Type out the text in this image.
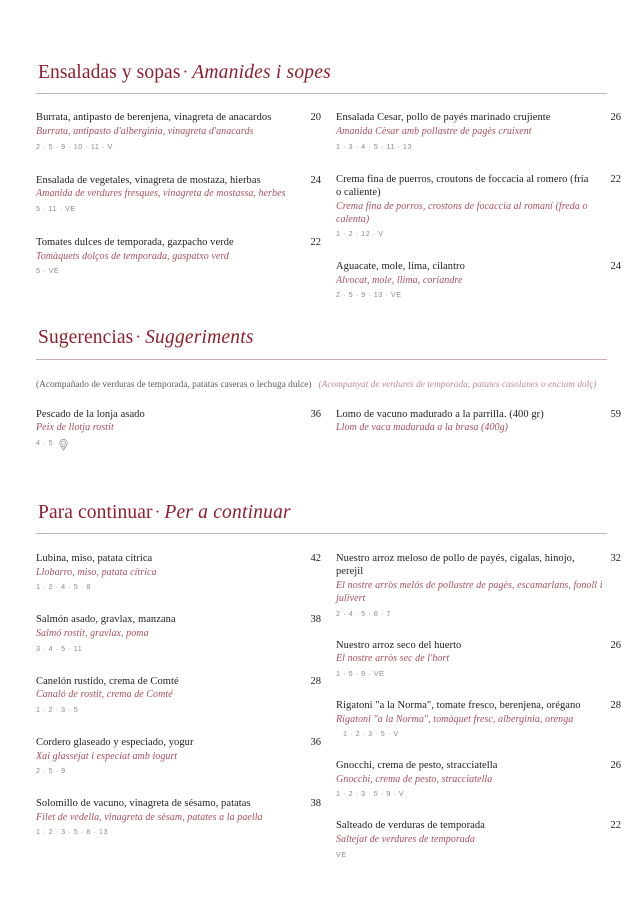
Ensaladas y sopas · Amanides i sopes
Burrata, antipasto de berenjena, vinagreta de anacardos	20
Burrata, antipasto d'alberginia, vinagreta d'anacards
2 · 5 · 9 · 10 · 11 · V
Ensalada de vegetales, vinagreta de mostaza, hierbas	24
Amanida de verdures fresques, vinagreta de mostassa, herbes
5 · 11 · VE
Tomates dulces de temporada, gazpacho verde	22
Tomàquets dolços de temporada, gaspatxo verd
5 · VE
Ensalada Cesar, pollo de payés marinado crujiente	26
Amanida Cèsar amb pollastre de pagès cruixent
1 · 3 · 4 · 5 · 11 · 13
Crema fina de puerros, croutons de foccacia al romero (fría o caliente)
22
Crema fina de porros, crostons de focaccia al romaní (freda o calenta)
1 · 2 · 12 · V
Aguacate, mole, lima, cilantro	24
Alvocat, mole, llima, coriandre
2 · 5 · 9 · 13 · VE
Sugerencias · Suggeriments
(Acompañado de verduras de temporada, patatas caseras o lechuga dulce) (Acompanyat de verdures de temporada, patates casolanes o enciam dolç)
Pescado de la lonja asado	36
Peix de llotja rostit
4 · 5
Lomo de vacuno madurado a la parrilla. (400 gr)	59
Llom de vaca madurada a la brasa (400g)
Para continuar · Per a continuar
Lubina, miso, patata cítrica	42
Llobarro, miso, patata cítrica
1 · 2 · 4 · 5 · 8
Salmón asado, gravlax, manzana	38
Salmó rostit, gravlax, poma
3 · 4 · 5 · 11
Canelón rustido, crema de Comté	28
Canaló de rostit, crema de Comté
1 · 2 · 3 · 5
Cordero glaseado y especiado, yogur	36
Xai glassejat i especiat amb iogurt
2 · 5 · 9
Solomillo de vacuno, vinagreta de sésamo, patatas	38
Filet de vedella, vinagreta de sèsam, patates a la paella
1 · 2 · 3 · 5 · 8 · 13
Nuestro arroz meloso de pollo de payés, cigalas, hinojo, perejil
32
El nostre arròs melós de pollastre de pagès, escamarlans, fonoll i julivert
2 · 4 · 5 · 6 · 7
Nuestro arroz seco del huerto	26
El nostre arròs sec de l'hort
1 · 5 · 9 · VE
Rigatoni "a la Norma", tomate fresco, berenjena, orégano	28
Rigatoni "a la Norma", tomàquet fresc, alberginia, orenga
1 · 2 · 3 · 5 · V
Gnocchi, crema de pesto, stracciatella	26
Gnocchi, crema de pesto, stracciatella
1 · 2 · 3 · 5 · 9 · V
Salteado de verduras de temporada	22
Saltejat de verdures de temporada
VE
